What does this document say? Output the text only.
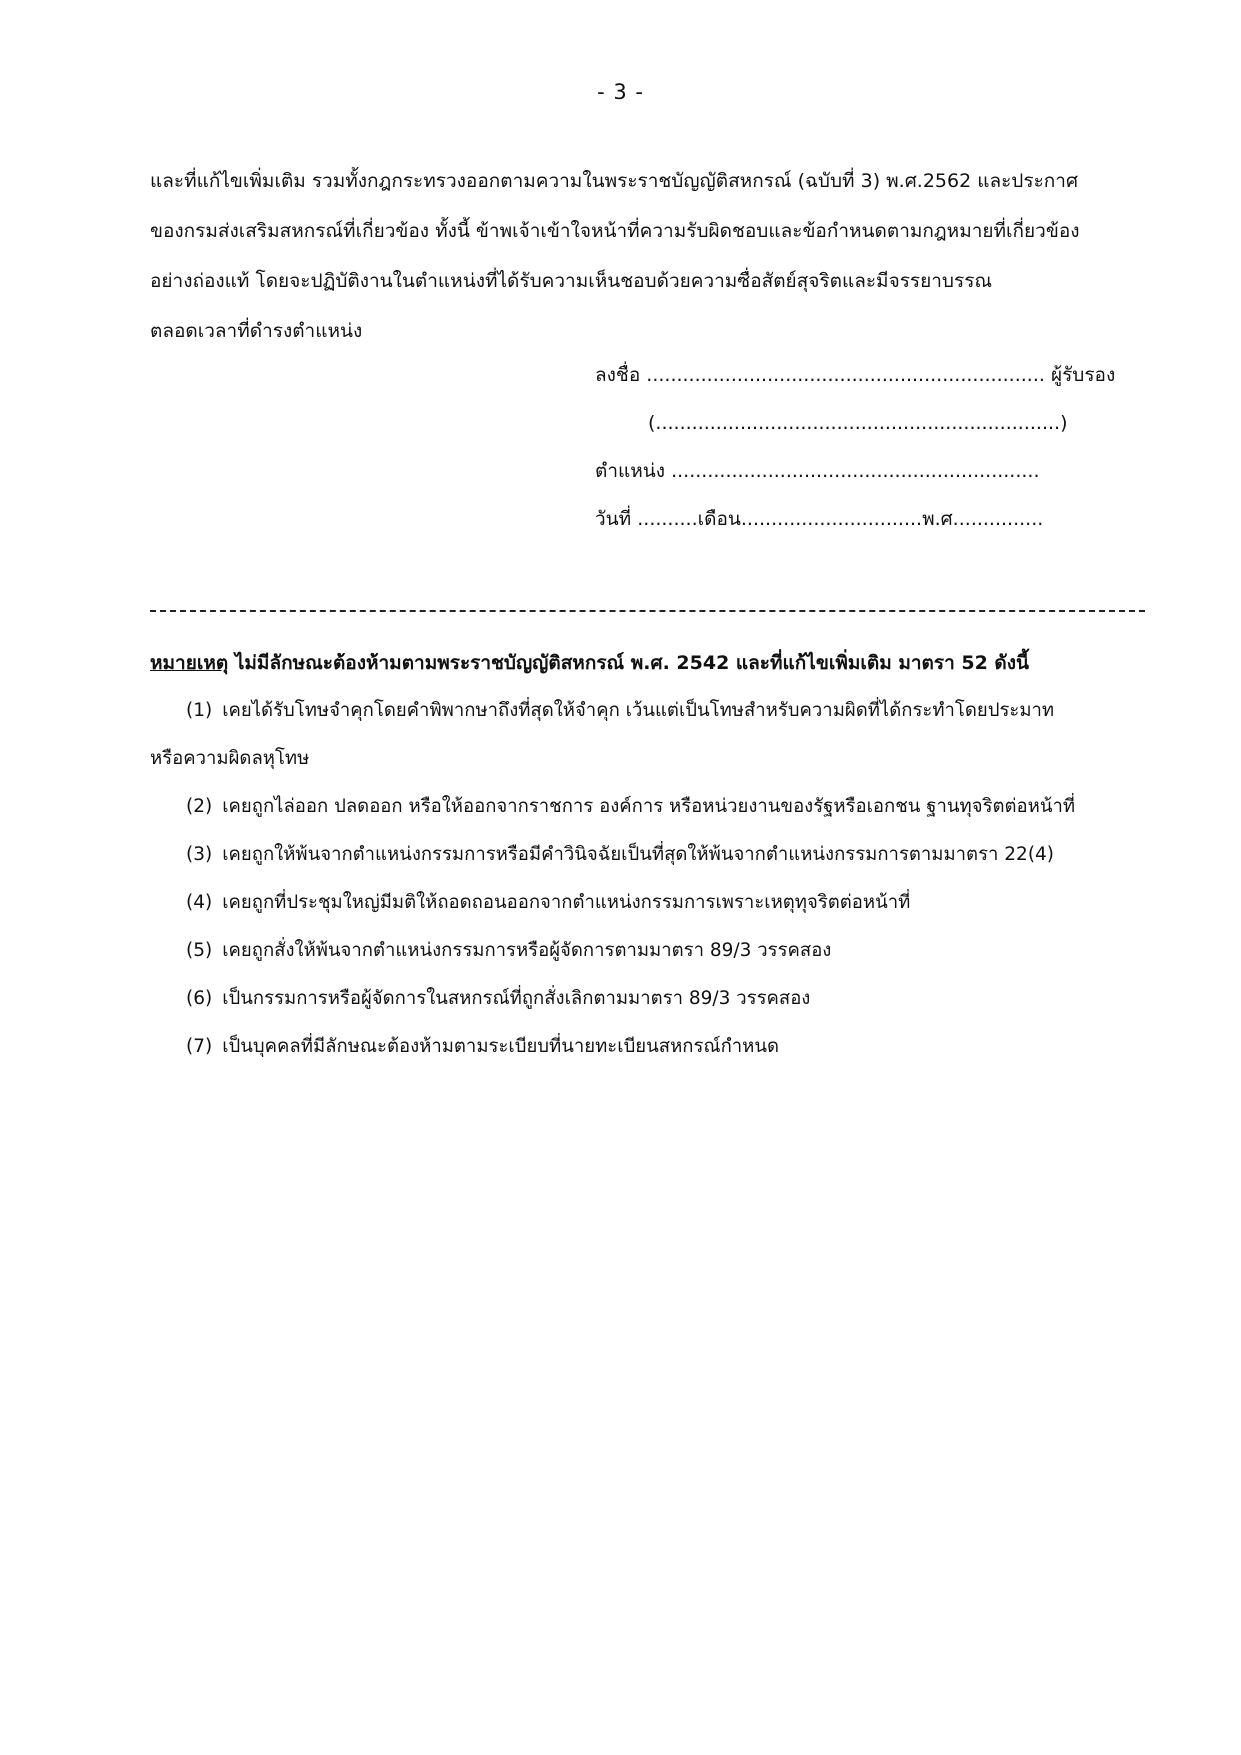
- 3 -
และที่แก้ไขเพิ่มเติม รวมทั้งกฎกระทรวงออกตามความในพระราชบัญญัติสหกรณ์ (ฉบับที่ 3) พ.ศ.2562 และประกาศ
ของกรมส่งเสริมสหกรณ์ที่เกี่ยวข้อง ทั้งนี้ ข้าพเจ้าเข้าใจหน้าที่ความรับผิดชอบและข้อกำหนดตามกฎหมายที่เกี่ยวข้อง
อย่างถ่องแท้ โดยจะปฏิบัติงานในตำแหน่งที่ได้รับความเห็นชอบด้วยความซื่อสัตย์สุจริตและมีจรรยาบรรณ
ตลอดเวลาที่ดำรงตำแหน่ง
ลงชื่อ .................................................................. ผู้รับรอง
(...................................................................)
ตำแหน่ง .............................................................
วันที่ ..........เดือน..............................พ.ศ...............
หมายเหตุ ไม่มีลักษณะต้องห้ามตามพระราชบัญญัติสหกรณ์ พ.ศ. 2542 และที่แก้ไขเพิ่มเติม มาตรา 52 ดังนี้
(1) เคยได้รับโทษจำคุกโดยคำพิพากษาถึงที่สุดให้จำคุก เว้นแต่เป็นโทษสำหรับความผิดที่ได้กระทำโดยประมาท
หรือความผิดลหุโทษ
(2) เคยถูกไล่ออก ปลดออก หรือให้ออกจากราชการ องค์การ หรือหน่วยงานของรัฐหรือเอกชน ฐานทุจริตต่อหน้าที่
(3) เคยถูกให้พ้นจากตำแหน่งกรรมการหรือมีคำวินิจฉัยเป็นที่สุดให้พ้นจากตำแหน่งกรรมการตามมาตรา 22(4)
(4) เคยถูกที่ประชุมใหญ่มีมติให้ถอดถอนออกจากตำแหน่งกรรมการเพราะเหตุทุจริตต่อหน้าที่
(5) เคยถูกสั่งให้พ้นจากตำแหน่งกรรมการหรือผู้จัดการตามมาตรา 89/3 วรรคสอง
(6) เป็นกรรมการหรือผู้จัดการในสหกรณ์ที่ถูกสั่งเลิกตามมาตรา 89/3 วรรคสอง
(7) เป็นบุคคลที่มีลักษณะต้องห้ามตามระเบียบที่นายทะเบียนสหกรณ์กำหนด
